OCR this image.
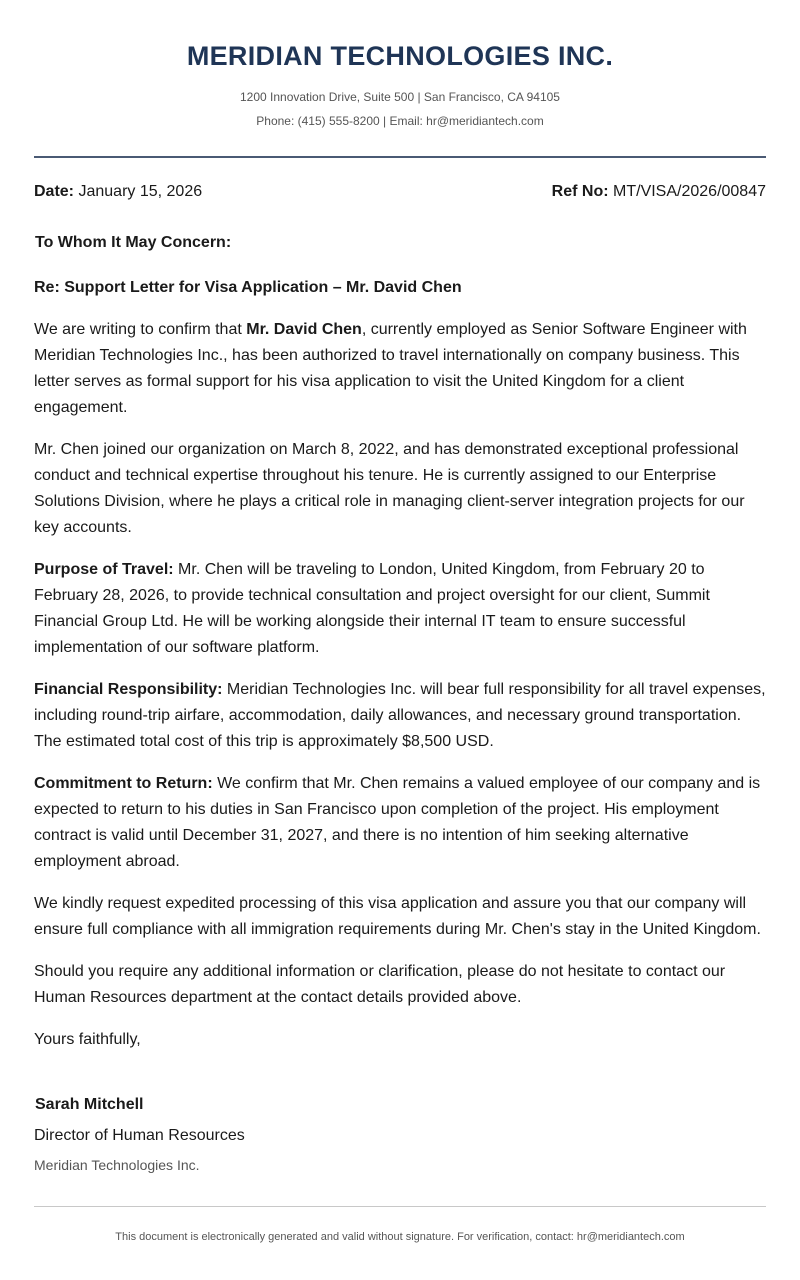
MERIDIAN TECHNOLOGIES INC.

1200 Innovation Drive, Suite 500 | San Francisco, CA 94105

Phone: (415) 555-8200 | Email: hr@meridiantech.com

Date: January 15, 2026	Ref No: MT/VISA/2026/00847
To Whom It May Concern:
Re: Support Letter for Visa Application – Mr. David Chen

We are writing to confirm that Mr. David Chen, currently employed as Senior Software Engineer with Meridian Technologies Inc., has been authorized to travel internationally on company business. This letter serves as formal support for his visa application to visit the United Kingdom for a client engagement.

Mr. Chen joined our organization on March 8, 2022, and has demonstrated exceptional professional conduct and technical expertise throughout his tenure. He is currently assigned to our Enterprise Solutions Division, where he plays a critical role in managing client-server integration projects for our key accounts.

Purpose of Travel: Mr. Chen will be traveling to London, United Kingdom, from February 20 to February 28, 2026, to provide technical consultation and project oversight for our client, Summit Financial Group Ltd. He will be working alongside their internal IT team to ensure successful implementation of our software platform.

Financial Responsibility: Meridian Technologies Inc. will bear full responsibility for all travel expenses, including round-trip airfare, accommodation, daily allowances, and necessary ground transportation. The estimated total cost of this trip is approximately $8,500 USD.

Commitment to Return: We confirm that Mr. Chen remains a valued employee of our company and is expected to return to his duties in San Francisco upon completion of the project. His employment contract is valid until December 31, 2027, and there is no intention of him seeking alternative employment abroad.

We kindly request expedited processing of this visa application and assure you that our company will ensure full compliance with all immigration requirements during Mr. Chen's stay in the United Kingdom.

Should you require any additional information or clarification, please do not hesitate to contact our Human Resources department at the contact details provided above.

Yours faithfully,
Sarah Mitchell
Director of Human Resources
Meridian Technologies Inc.
This document is electronically generated and valid without signature. For verification, contact: hr@meridiantech.com
